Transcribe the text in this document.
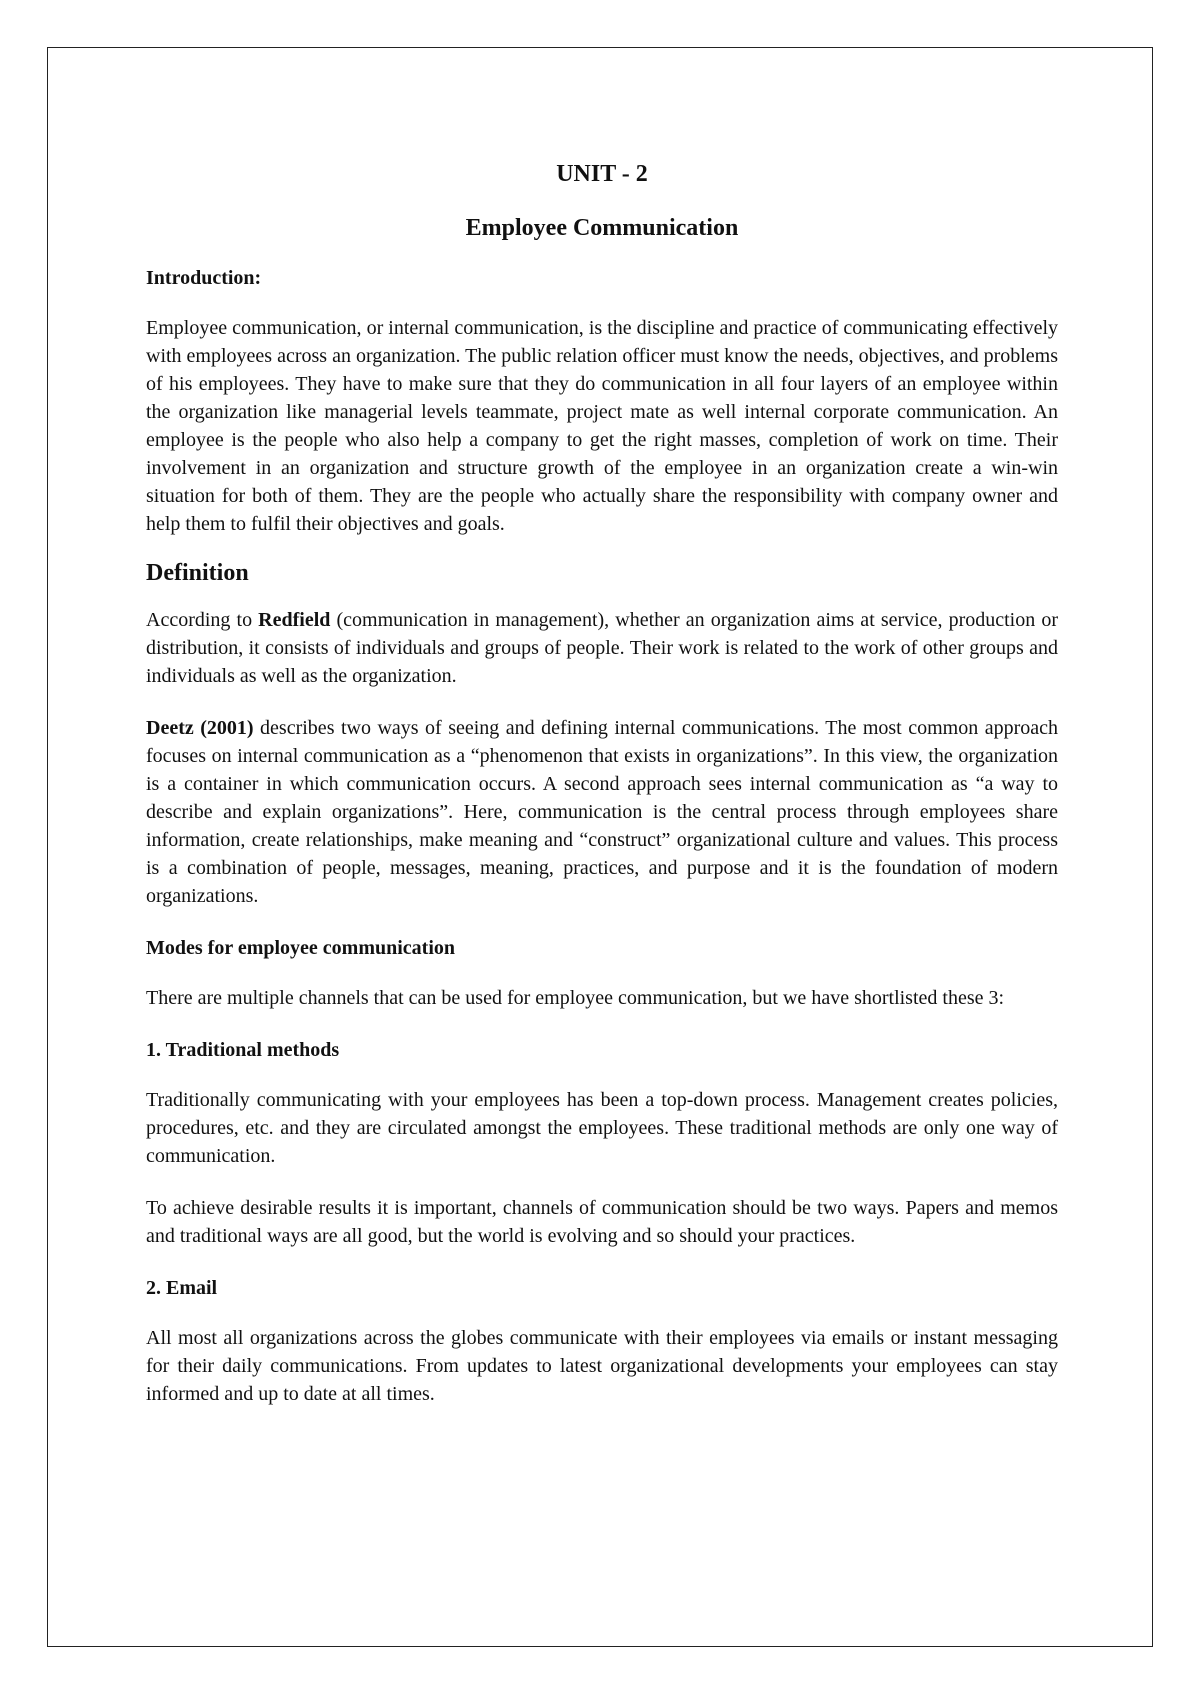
UNIT - 2
Employee Communication
Introduction:

Employee communication, or internal communication, is the discipline and practice of communicating effectively with employees across an organization. The public relation officer must know the needs, objectives, and problems of his employees. They have to make sure that they do communication in all four layers of an employee within the organization like managerial levels teammate, project mate as well internal corporate communication. An employee is the people who also help a company to get the right masses, completion of work on time. Their involvement in an organization and structure growth of the employee in an organization create a win-win situation for both of them. They are the people who actually share the responsibility with company owner and help them to fulfil their objectives and goals.

Definition

According to Redfield (communication in management), whether an organization aims at service, production or distribution, it consists of individuals and groups of people. Their work is related to the work of other groups and individuals as well as the organization.

Deetz (2001) describes two ways of seeing and defining internal communications. The most common approach focuses on internal communication as a “phenomenon that exists in organizations”. In this view, the organization is a container in which communication occurs. A second approach sees internal communication as “a way to describe and explain organizations”. Here, communication is the central process through employees share information, create relationships, make meaning and “construct” organizational culture and values. This process is a combination of people, messages, meaning, practices, and purpose and it is the foundation of modern organizations.

Modes for employee communication

There are multiple channels that can be used for employee communication, but we have shortlisted these 3:

1. Traditional methods

Traditionally communicating with your employees has been a top-down process. Management creates policies, procedures, etc. and they are circulated amongst the employees. These traditional methods are only one way of communication.

To achieve desirable results it is important, channels of communication should be two ways. Papers and memos and traditional ways are all good, but the world is evolving and so should your practices.

2. Email

All most all organizations across the globes communicate with their employees via emails or instant messaging for their daily communications. From updates to latest organizational developments your employees can stay informed and up to date at all times.
